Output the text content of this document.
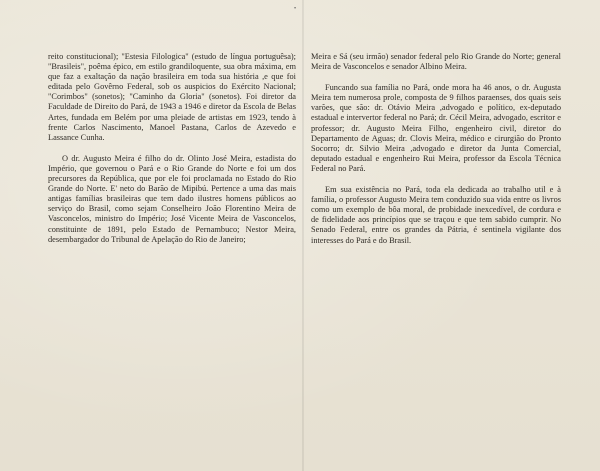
•

reito constitucional); "Estesia Filologica" (estudo de língua portuguêsa); "Brasileis", poêma épico, em estilo grandiloquente, sua obra máxima, em que faz a exaltação da nação brasileira em toda sua história ,e que foi editada pelo Govêrno Federal, sob os auspicios do Exército Nacional; "Corimbos" (sonetos); "Caminho da Gloria" (sonetos). Foi diretor da Faculdade de Direito do Pará, de 1943 a 1946 e diretor da Escola de Belas Artes, fundada em Belém por uma pleiade de artistas em 1923, tendo à frente Carlos Nascimento, Manoel Pastana, Carlos de Azevedo e Lassance Cunha.

O dr. Augusto Meira é filho do dr. Olinto José Meira, estadista do Império, que governou o Pará e o Rio Grande do Norte e foi um dos precursores da República, que por ele foi proclamada no Estado do Rio Grande do Norte. E' neto do Barão de Mipibú. Pertence a uma das mais antigas famílias brasileiras que tem dado ilustres homens públicos ao serviço do Brasil, como sejam Conselheiro João Florentino Meira de Vasconcelos, ministro do Império; José Vicente Meira de Vasconcelos, constituinte de 1891, pelo Estado de Pernambuco; Nestor Meira, desembargador do Tribunal de Apelação do Rio de Janeiro;

Meira e Sá (seu irmão) senador federal pelo Rio Grande do Norte; general Meira de Vasconcelos e senador Albino Meira.

Funcando sua família no Pará, onde mora ha 46 anos, o dr. Augusta Meira tem numerosa prole, composta de 9 filhos paraenses, dos quais seis varões, que são: dr. Otávio Meira ,advogado e político, ex-deputado estadual e intervertor federal no Pará; dr. Cécil Meira, advogado, escritor e professor; dr. Augusto Meira Filho, engenheiro civil, diretor do Departamento de Aguas; dr. Clovis Meira, médico e cirurgião do Pronto Socorro; dr. Silvio Meira ,advogado e diretor da Junta Comercial, deputado estadual e engenheiro Rui Meira, professor da Escola Técnica Federal no Pará.

Em sua existência no Pará, toda ela dedicada ao trabalho util e à família, o professor Augusto Meira tem conduzido sua vida entre os livros como um exemplo de bôa moral, de probidade inexcedível, de cordura e de fidelidade aos princípios que se traçou e que tem sabido cumprir. No Senado Federal, entre os grandes da Pátria, é sentinela vigilante dos interesses do Pará e do Brasil.
